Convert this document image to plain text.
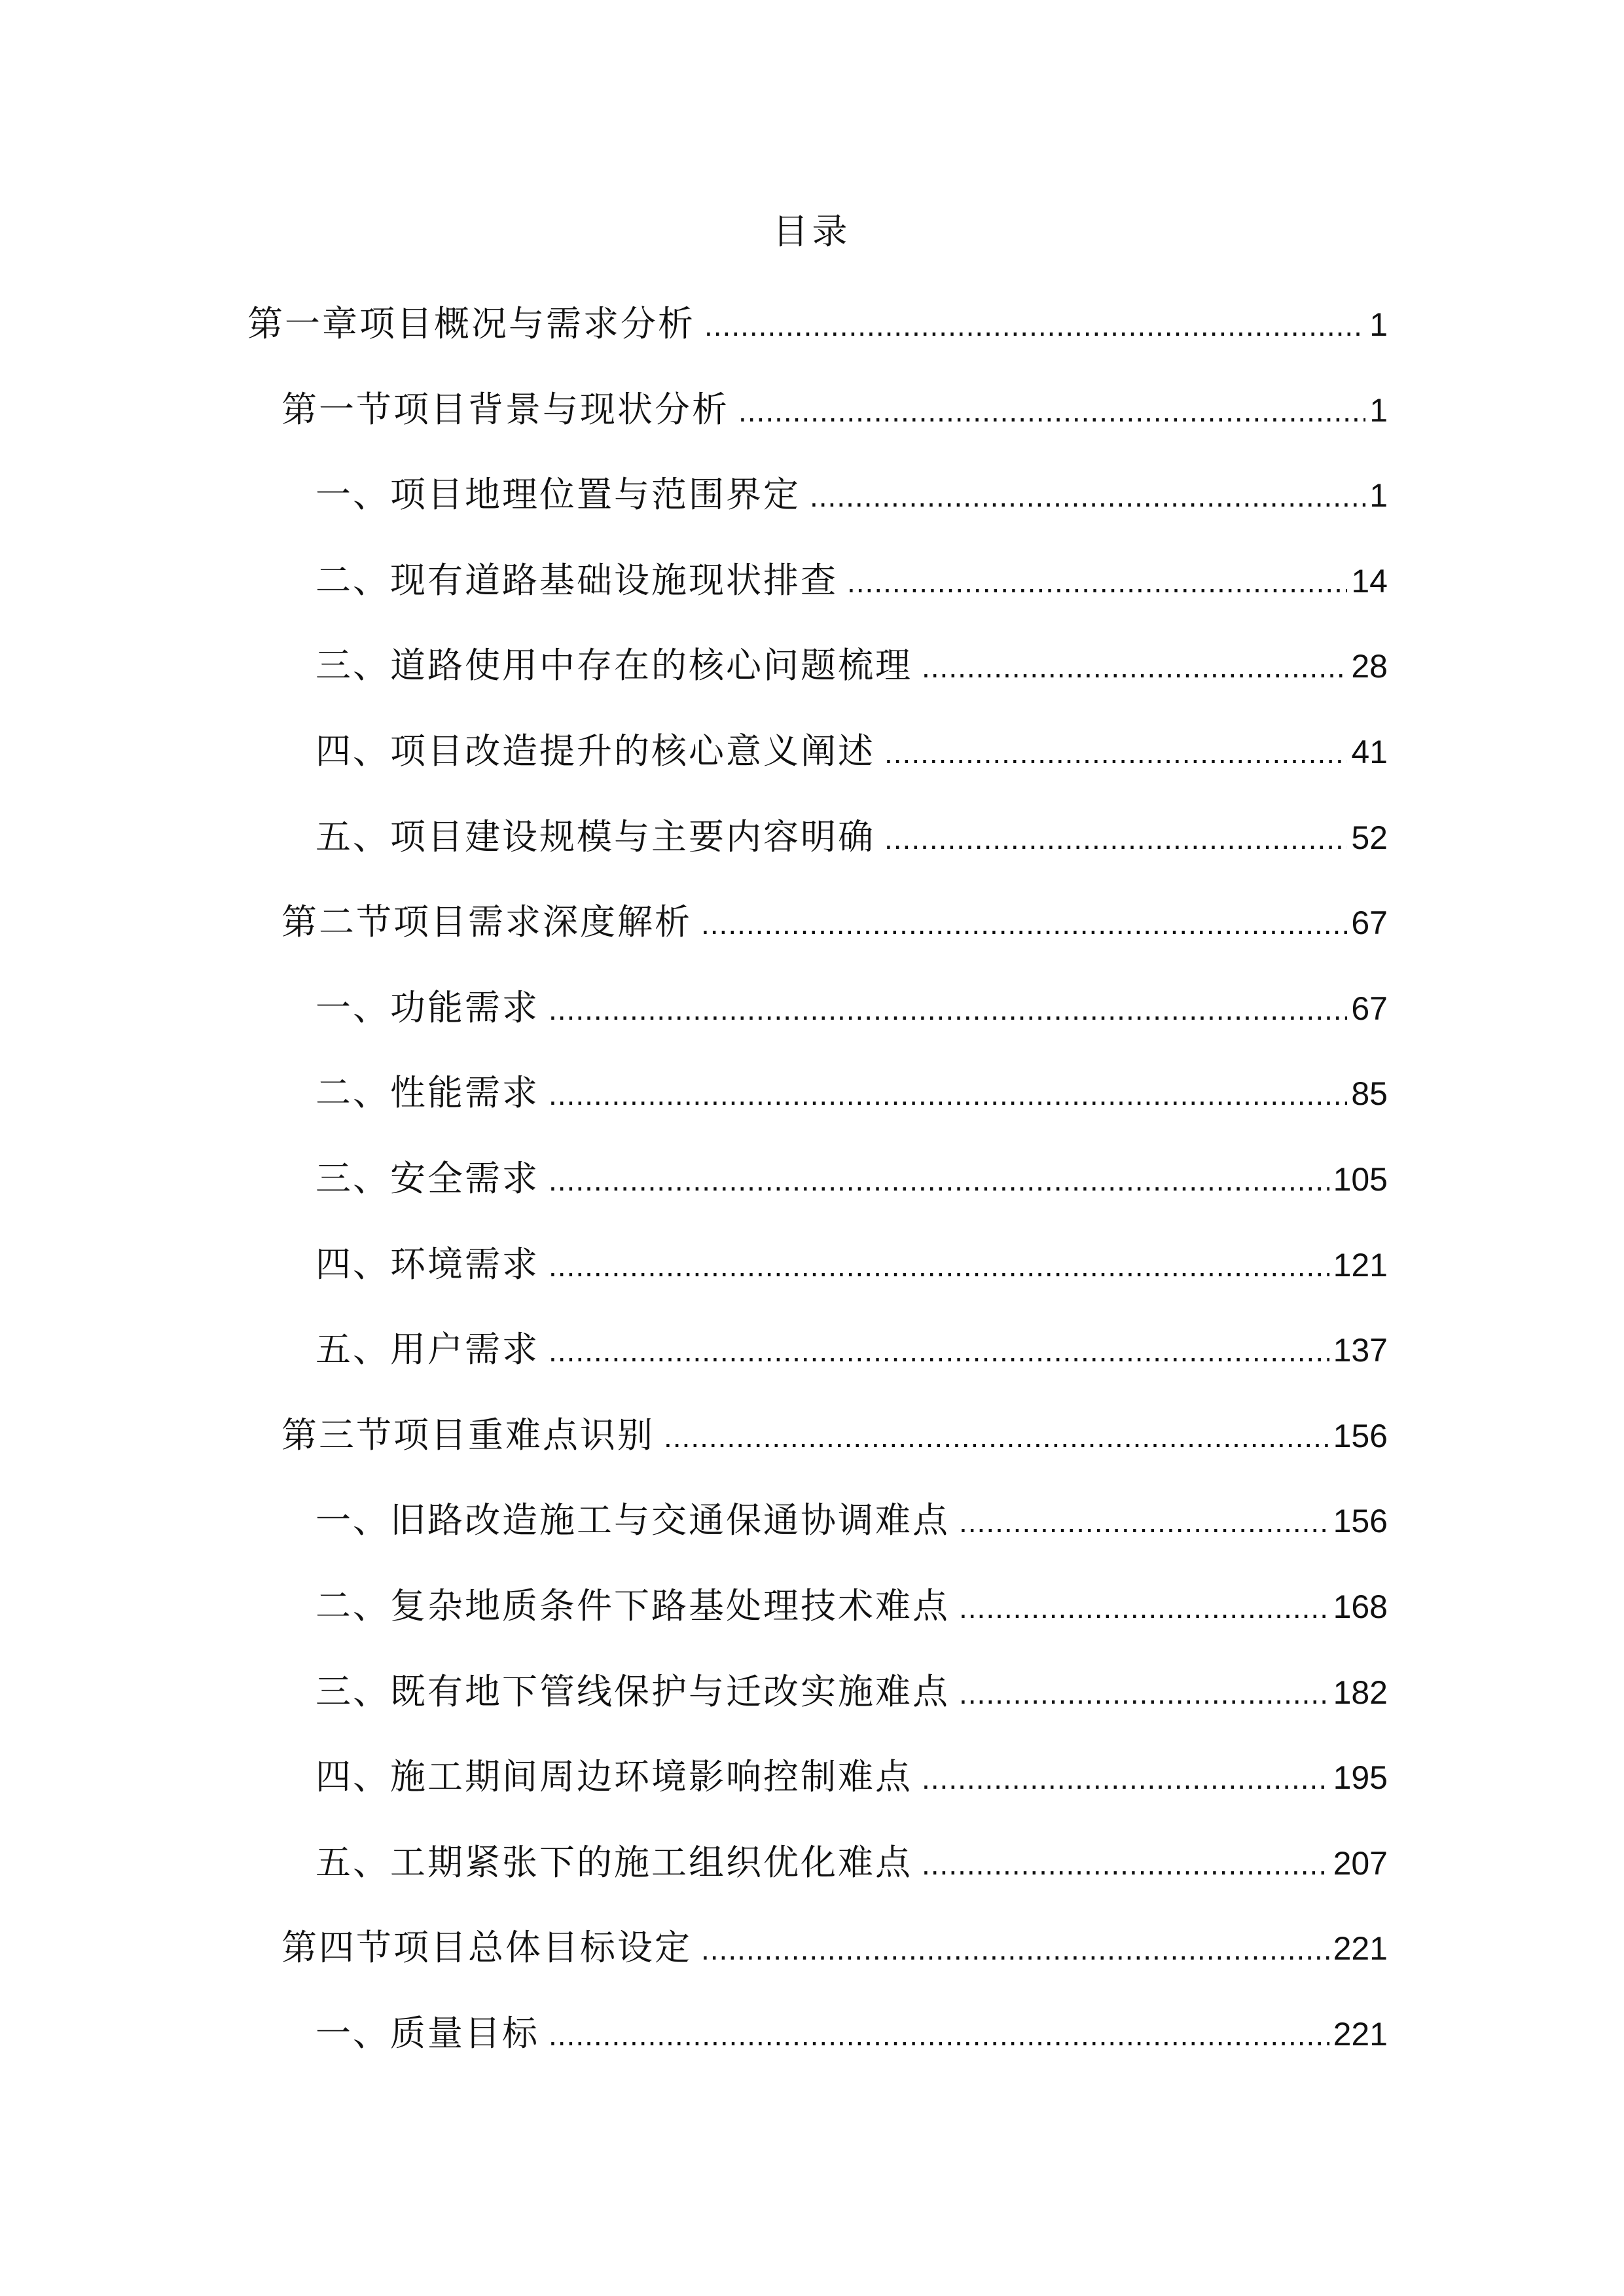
目录
第一章项目概况与需求分析 .....	1
第一节项目背景与现状分析 .....	1
一、项目地理位置与范围界定 .....	1
二、现有道路基础设施现状排查 .....	14
三、道路使用中存在的核心问题梳理 .....	28
四、项目改造提升的核心意义阐述 .....	41
五、项目建设规模与主要内容明确 .....	52
第二节项目需求深度解析 .....	67
一、功能需求 .....	67
二、性能需求 .....	85
三、安全需求 .....	105
四、环境需求 .....	121
五、用户需求 .....	137
第三节项目重难点识别 .....	156
一、旧路改造施工与交通保通协调难点 .....	156
二、复杂地质条件下路基处理技术难点 .....	168
三、既有地下管线保护与迁改实施难点 .....	182
四、施工期间周边环境影响控制难点 .....	195
五、工期紧张下的施工组织优化难点 .....	207
第四节项目总体目标设定 .....	221
一、质量目标 .....	221
